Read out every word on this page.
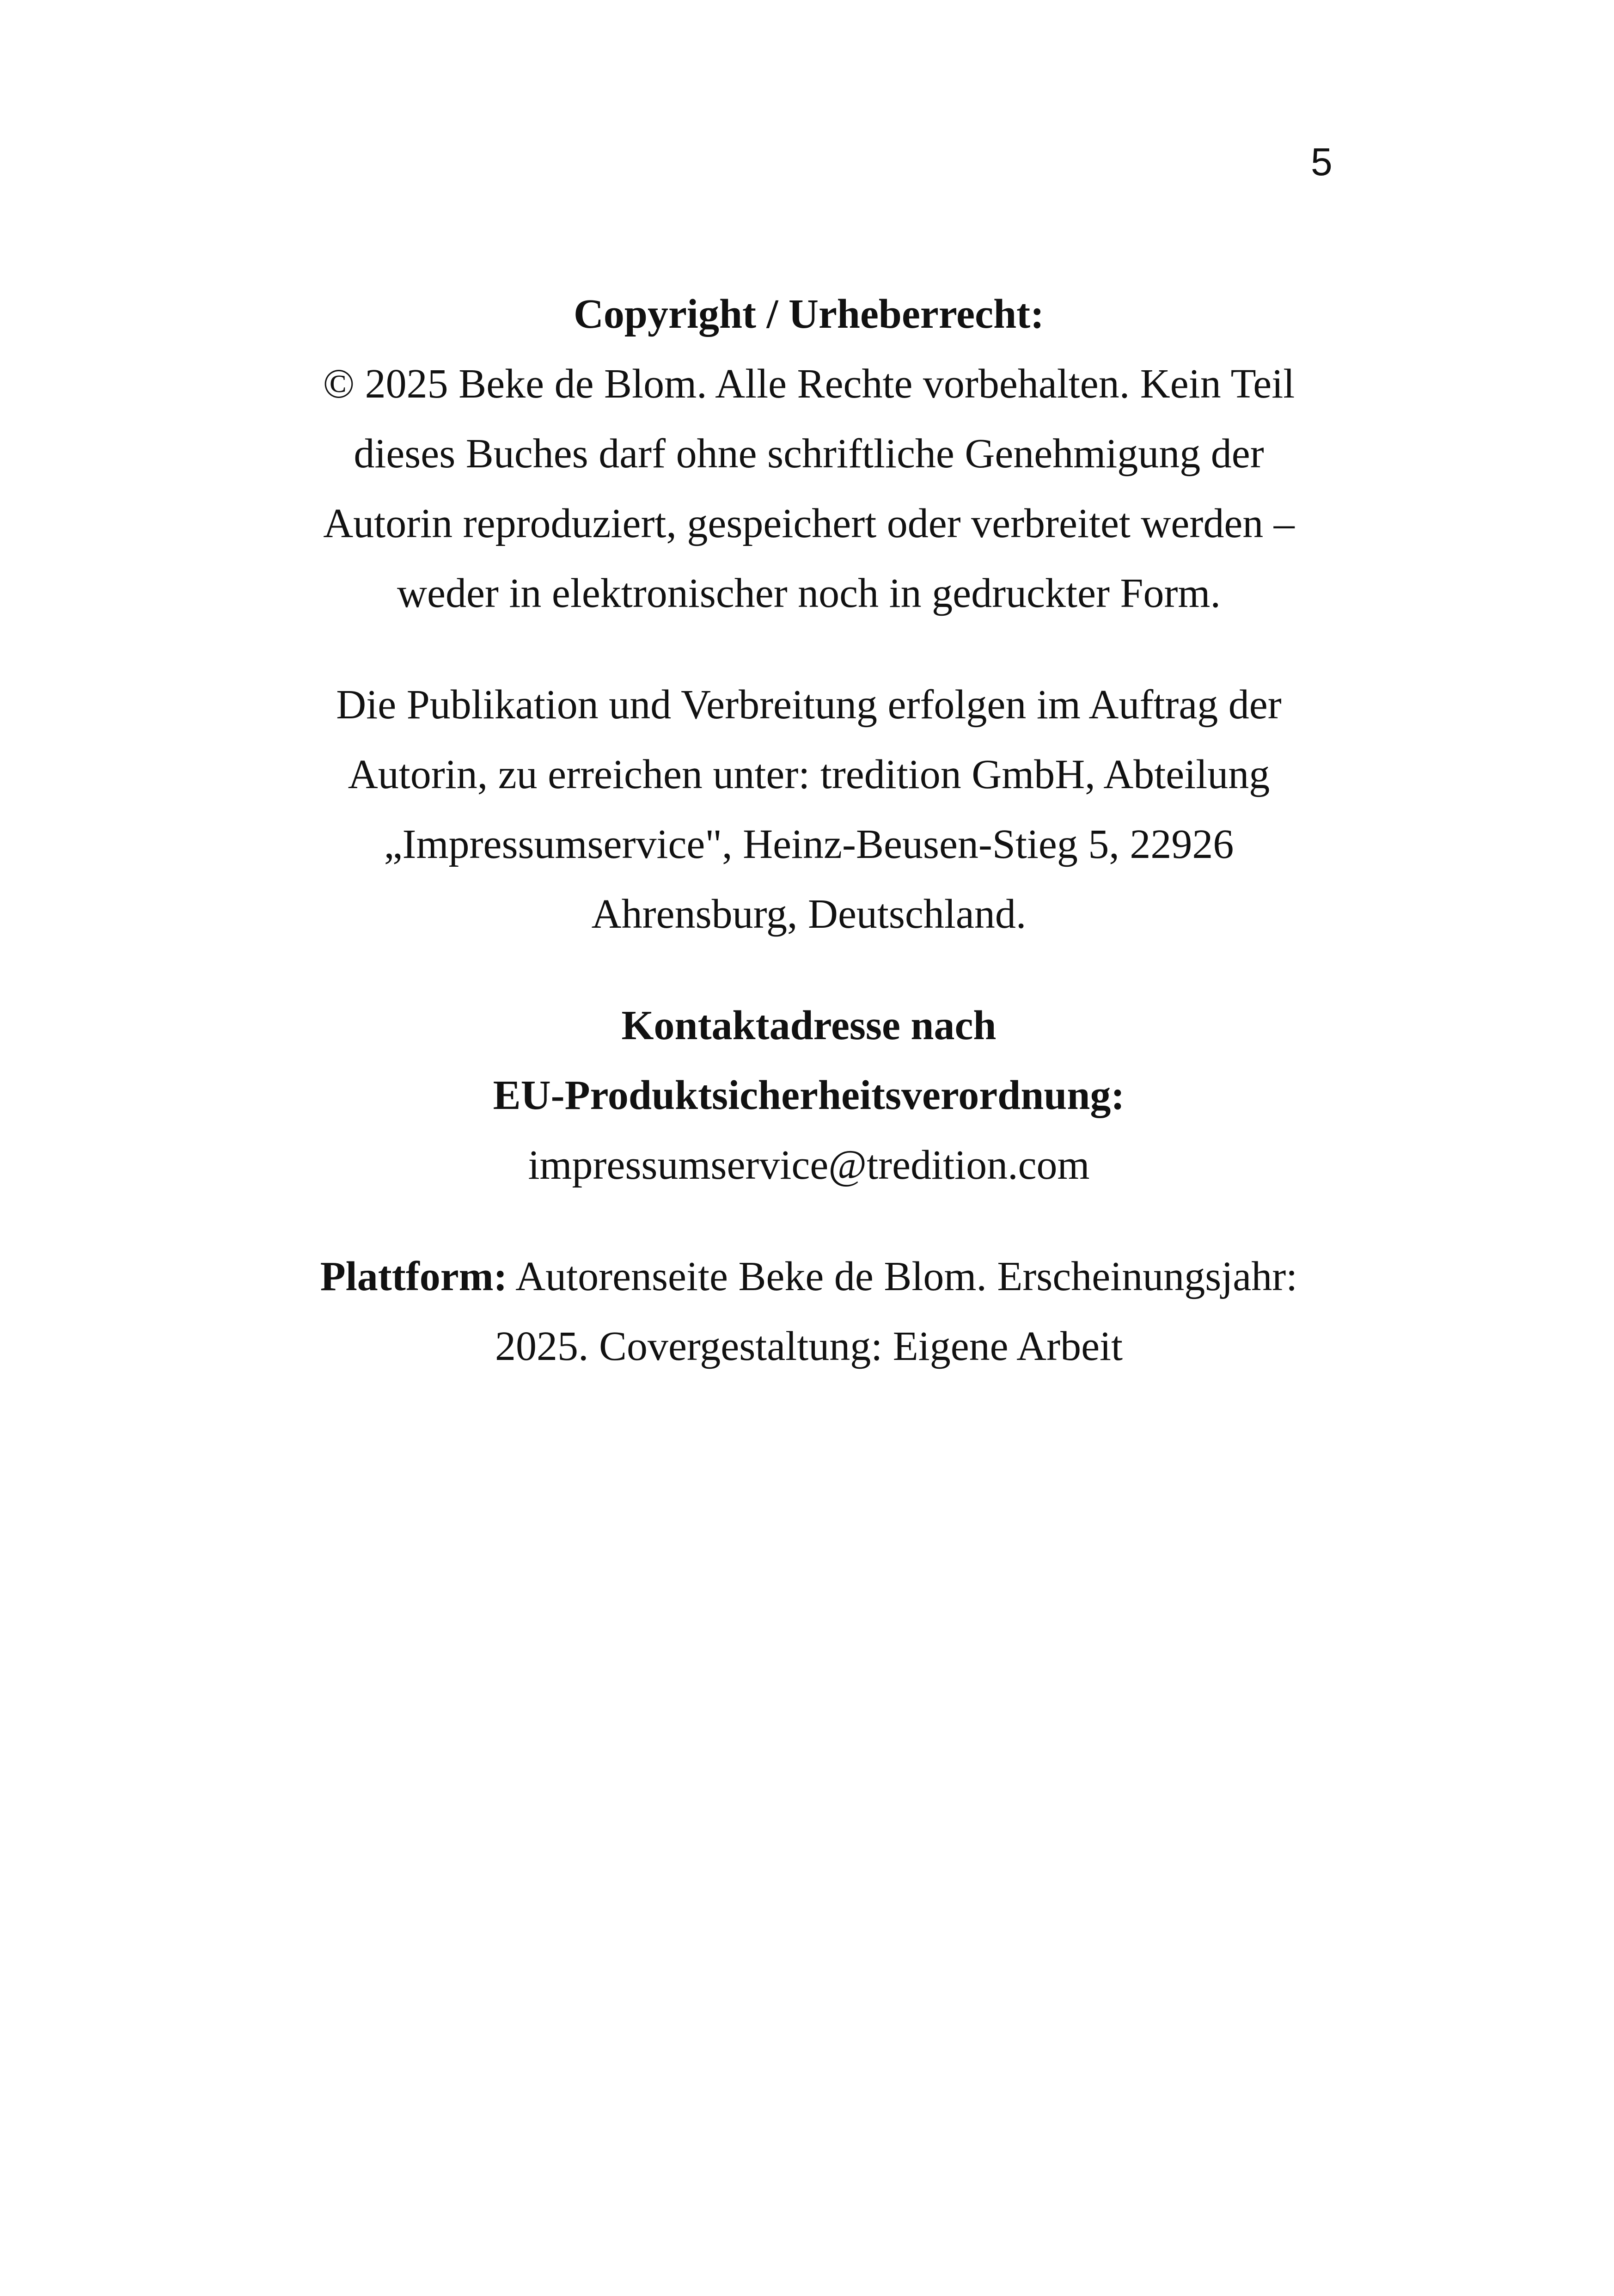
5

Copyright / Urheberrecht:
© 2025 Beke de Blom. Alle Rechte vorbehalten. Kein Teil
dieses Buches darf ohne schriftliche Genehmigung der
Autorin reproduziert, gespeichert oder verbreitet werden –
weder in elektronischer noch in gedruckter Form.

Die Publikation und Verbreitung erfolgen im Auftrag der
Autorin, zu erreichen unter: tredition GmbH, Abteilung
„Impressumservice", Heinz-Beusen-Stieg 5, 22926
Ahrensburg, Deutschland.

Kontaktadresse nach
EU-Produktsicherheitsverordnung:
impressumservice@tredition.com

Plattform: Autorenseite Beke de Blom. Erscheinungsjahr:
2025. Covergestaltung: Eigene Arbeit
